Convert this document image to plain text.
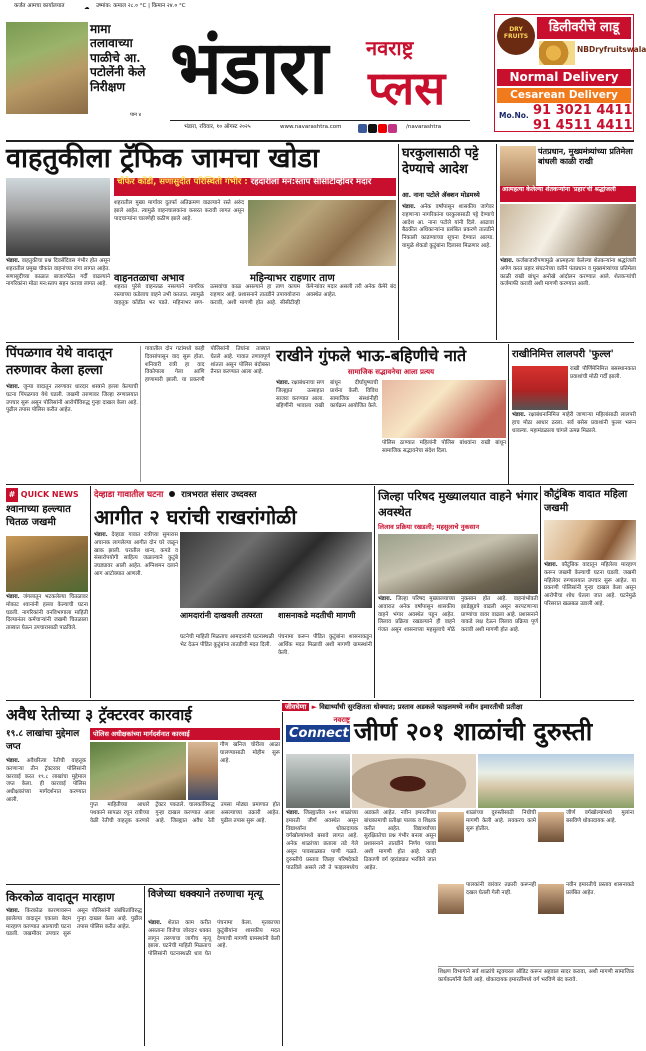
कर्जत आमचा कार्यालयात	☁ उष्मांक: कमाल २८.० °C | किमान २४.० °C
मामा तलावाच्या पाळीचे आ. पटोलेंनी केले निरीक्षण
पान ४
भंडारा	नवराष्ट्र
प्लस
भंडारा, रविवार, १० ऑगस्ट २०२५	www.navarashtra.com	/navarashtra
डिलीवरीचे लाडू
DRY
FRUITS
NBDryfruitswala
Normal Delivery
Cesarean Delivery
Mo.No. 91 3021 4411
91 4511 4411
वाहतुकीला ट्रॅफिक जामचा खोडा
भंडारा. वाहतुकीचा प्रश्न दिवसेंदिवस गंभीर होत असून शहरातील प्रमुख चौकांत वाहनांच्या रांगा लागत आहेत. सणासुदीच्या काळात बाजारपेठेत गर्दी वाढल्याने नागरिकांना मोठा मन:स्ताप सहन करावा लागत आहे.
चौफेर कोंडी, सणासुदीत परिस्थिती गंभीर : रहदारीला मन:स्ताप सीसीटीव्हीवर मदार
शहरातील मुख्य मार्गावर दुतर्फा अतिक्रमण वाढल्याने रस्ते अरुंद झाले आहेत. त्यामुळे वाहनचालकांना कसरत करावी लागत असून पादचाऱ्यांना चालणेही कठीण झाले आहे.
वाहनतळाचा अभाव	महिन्याभर राहणार ताण
शहरात पुरेसे वाहनतळ नसल्याने नागरिक रस्त्याच्या कडेलाच वाहने उभी करतात. त्यामुळे वाहतूक कोंडीत भर पडते. महिनाभर सण-उत्सवांचा काळ असल्याने हा ताण कायम राहणार आहे. प्रशासनाने तातडीने उपाययोजना करावी, अशी मागणी होत आहे. सीसीटीव्ही कॅमेऱ्यांवर मदार असली तरी अनेक कॅमेरे बंद अवस्थेत आहेत.
घरकुलासाठी पट्टे देण्याचे आदेश
आ. नाना पटोले ॲक्शन मोडमध्ये
भंडारा. अनेक वर्षांपासून शासकीय जागेवर राहणाऱ्या नागरिकांना घरकुलासाठी पट्टे देण्याचे आदेश आ. नाना पटोले यांनी दिले. आढावा बैठकीत अधिकाऱ्यांना प्रलंबित प्रकरणे तातडीने निकाली काढण्याच्या सूचना देण्यात आल्या. यामुळे शेकडो कुटुंबांना दिलासा मिळणार आहे.
पंतप्रधान, मुख्यमंत्र्यांच्या प्रतिमेला बांधली काळी राखी
आत्महत्या केलेल्या शेतकऱ्यांना 'प्रहार'ची श्रद्धांजली
भंडारा. कर्जबाजारीपणामुळे आत्महत्या केलेल्या शेतकऱ्यांना श्रद्धांजली अर्पण करत प्रहार संघटनेच्या वतीने पंतप्रधान व मुख्यमंत्र्यांच्या प्रतिमेला काळी राखी बांधून अनोखे आंदोलन करण्यात आले. शेतकऱ्यांची कर्जमाफी करावी अशी मागणी करण्यात आली.
पिंपळगाव येथे वादातून तरुणावर केला हल्ला
भंडारा. जुन्या वादातून तरुणावर धारदार शस्त्राने हल्ला केल्याची घटना पिंपळगाव येथे घडली. जखमी तरुणावर जिल्हा रुग्णालयात उपचार सुरू असून पोलिसांनी आरोपींविरुद्ध गुन्हा दाखल केला आहे. पुढील तपास पोलिस करीत आहेत.
गावातील दोन गटांमध्ये काही दिवसांपासून वाद सुरू होता. शनिवारी रात्री हा वाद विकोपाला गेला आणि हाणामारी झाली. या प्रकरणी पोलिसांनी तिघांना ताब्यात घेतले आहे. गावात तणावपूर्ण शांतता असून पोलिस बंदोबस्त तैनात करण्यात आला आहे.
राखीने गुंफले भाऊ-बहिणीचे नाते
सामाजिक सद्भावनेचा आला प्रत्यय
भंडारा. रक्षाबंधनाचा सण जिल्ह्यात उत्साहात साजरा करण्यात आला. बहिणींनी भावाला राखी बांधून दीर्घायुष्याची प्रार्थना केली. विविध सामाजिक संस्थांनीही कार्यक्रम आयोजित केले.
पोलिस ठाण्यात महिलांनी पोलिस बांधवांना राखी बांधून सामाजिक सद्भावनेचा संदेश दिला.
राखीनिमित्त लालपरी 'फुल्ल'
राखी पौर्णिमेनिमित्त बसस्थानकात प्रवाशांची मोठी गर्दी झाली.
भंडारा. रक्षाबंधनानिमित्त माहेरी जाणाऱ्या महिलांसाठी लालपरी हाच मोठा आधार ठरला. सर्व बसेस प्रवाशांनी फुल्ल भरून धावल्या. महामंडळाला चांगले उत्पन्न मिळाले.
# QUICK NEWS
श्वानाच्या हल्ल्यात चितळ जखमी
भंडारा. जंगलातून भटकलेल्या चितळावर मोकाट श्वानांनी हल्ला केल्याची घटना घडली. नागरिकांनी वनविभागाला माहिती दिल्यानंतर कर्मचाऱ्यांनी जखमी चितळाला ताब्यात घेऊन उपचारासाठी पाठविले.
देव्हाडा गावातील घटना रात्रभरात संसार उध्दवस्त
आगीत २ घरांची राखरांगोळी
भंडारा. देव्हाडा गावात रात्रीच्या सुमारास अचानक लागलेल्या आगीत दोन घरे जळून खाक झाली. घरातील धान्य, कपडे व संसारोपयोगी साहित्य जळाल्याने कुटुंबे उघड्यावर आली आहेत. अग्निशमन दलाने आग आटोक्यात आणली.
आमदारांनी दाखवली तत्परता	शासनाकडे मदतीची मागणी
घटनेची माहिती मिळताच आमदारांनी घटनास्थळी भेट देऊन पीडित कुटुंबांना तातडीची मदत दिली.
पंचनामा करून पीडित कुटुंबांना शासनाकडून आर्थिक मदत मिळावी अशी मागणी ग्रामस्थांनी केली.
जिल्हा परिषद मुख्यालयात वाहने भंगार अवस्थेत
लिलाव प्रक्रिया रखडली; महसुलाचे नुकसान
भंडारा. जिल्हा परिषद मुख्यालयाच्या आवारात अनेक वर्षांपासून शासकीय वाहने भंगार अवस्थेत पडून आहेत. लिलाव प्रक्रिया रखडल्याने ही वाहने गंजत असून शासनाच्या महसुलाचे मोठे नुकसान होत आहे. वाहनांभोवती झाडेझुडपे वाढली असून सरपटणाऱ्या प्राण्यांचा वावर वाढला आहे. प्रशासनाने याकडे लक्ष देऊन लिलाव प्रक्रिया पूर्ण करावी अशी मागणी होत आहे.
कौटुंबिक वादात महिला जखमी
भंडारा. कौटुंबिक वादातून महिलेला मारहाण करून जखमी केल्याची घटना घडली. जखमी महिलेवर रुग्णालयात उपचार सुरू आहेत. या प्रकरणी पोलिसांनी गुन्हा दाखल केला असून आरोपीचा शोध घेतला जात आहे. घटनेमुळे परिसरात खळबळ उडाली आहे.
जीवघेणा ► विद्यार्थ्यांची सुरक्षितता धोक्यात; प्रस्ताव अडकले फाइलमध्ये नवीन इमारतीची प्रतीक्षा
अवैध रेतीच्या ३ ट्रॅक्टरवर कारवाई
१९.८ लाखांचा मुद्देमाल जप्त
पोलिस अधीक्षकांच्या मार्गदर्शनात कारवाई
भंडारा. अवैधरित्या रेतीची वाहतूक करणाऱ्या तीन ट्रॅक्टरवर पोलिसांनी कारवाई करत १९.८ लाखांचा मुद्देमाल जप्त केला. ही कारवाई पोलिस अधीक्षकांच्या मार्गदर्शनात करण्यात आली.
गौण खनिज चोरीला आळा घालण्यासाठी मोहीम सुरू आहे.
गुप्त माहितीच्या आधारे पथकाने सापळा रचून रात्रीच्या वेळी रेतीची वाहतूक करणारे ट्रॅक्टर पकडले. चालकांविरुद्ध गुन्हा दाखल करण्यात आला आहे. जिल्ह्यात अवैध रेती उपसा मोठ्या प्रमाणात होत असल्याच्या तक्रारी आहेत. पुढील तपास सुरू आहे.
नवराष्ट्र
Connect जीर्ण २०१ शाळांची दुरुस्ती
भंडारा. जिल्ह्यातील २०१ शाळांच्या इमारती जीर्ण अवस्थेत असून विद्यार्थ्यांना धोकादायक वर्गखोल्यांमध्ये बसावे लागत आहे. अनेक शाळांच्या छताला तडे गेले असून पावसाळ्यात पाणी गळते. दुरुस्तीचे प्रस्ताव जिल्हा परिषदेकडे पाठविले असले तरी ते फाइलमध्येच अडकले आहेत. नवीन इमारतींच्या बांधकामाची प्रतीक्षा पालक व शिक्षक करीत आहेत. विद्यार्थ्यांच्या सुरक्षिततेचा प्रश्न गंभीर बनला असून प्रशासनाने तातडीने निर्णय घ्यावा अशी मागणी होत आहे. काही ठिकाणी वर्ग व्हरांड्यात भरविले जात आहेत.
शाळांच्या दुरुस्तीसाठी निधीची मागणी केली आहे. लवकरच कामे सुरू होतील.
जीर्ण वर्गखोल्यांमध्ये मुलांना बसविणे धोकादायक आहे.
पालकांनी वारंवार तक्रारी करूनही दखल घेतली गेली नाही.
नवीन इमारतीचे प्रस्ताव शासनाकडे प्रलंबित आहेत.
शिक्षण विभागाने सर्व शाळांचे स्ट्रक्चरल ऑडिट करून अहवाल सादर करावा, अशी मागणी सामाजिक कार्यकर्त्यांनी केली आहे. धोकादायक इमारतींमध्ये वर्ग भरविणे बंद करावे.
किरकोळ वादातून मारहाण
भंडारा. किरकोळ कारणावरून झालेल्या वादातून एकाला बेदम मारहाण करण्यात आल्याची घटना घडली. जखमीवर उपचार सुरू असून पोलिसांनी संबंधितांविरुद्ध गुन्हा दाखल केला आहे. पुढील तपास पोलिस करीत आहेत.
विजेच्या धक्क्याने तरुणाचा मृत्यू
भंडारा. शेतात काम करीत असताना विजेचा जोरदार धक्का लागून तरुणाचा जागीच मृत्यू झाला. घटनेची माहिती मिळताच पोलिसांनी घटनास्थळी धाव घेत पंचनामा केला. मृतकाच्या कुटुंबीयांना शासकीय मदत देण्याची मागणी ग्रामस्थांनी केली आहे.
